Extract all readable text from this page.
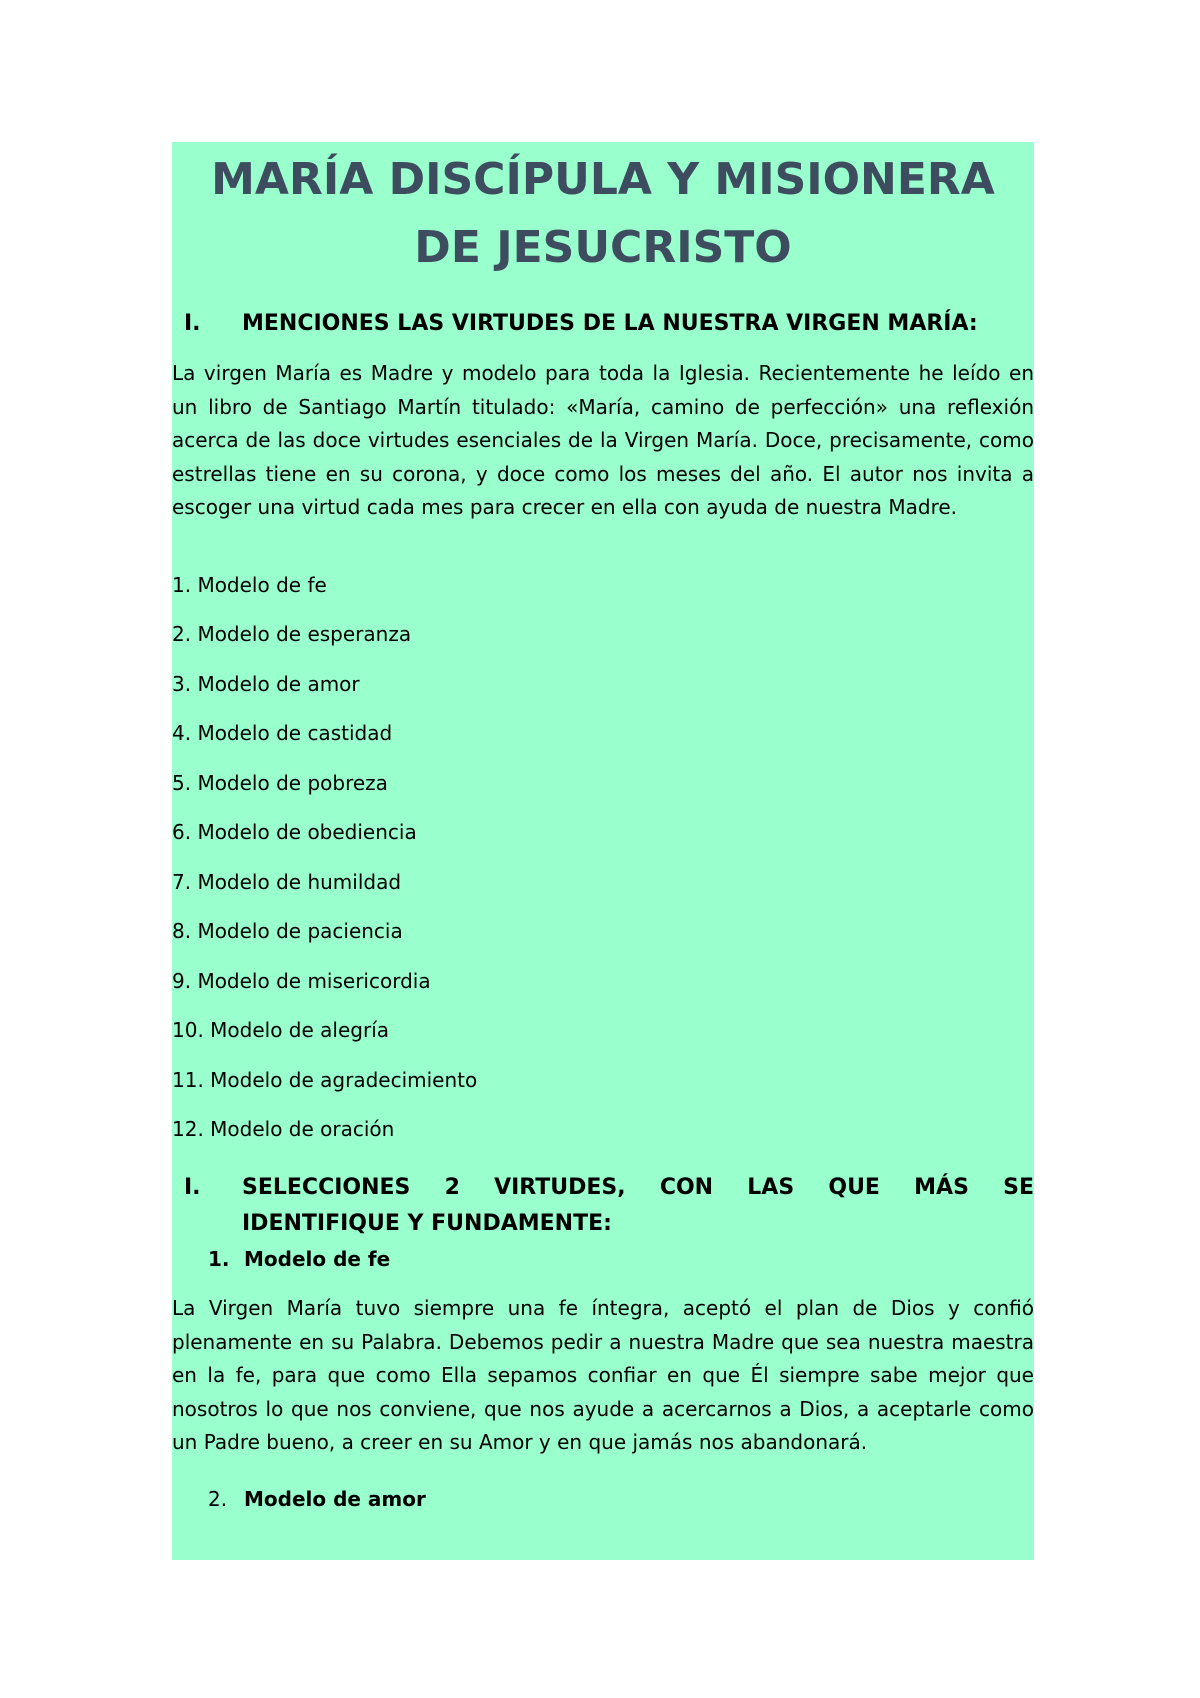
MARÍA DISCÍPULA Y MISIONERA
DE JESUCRISTO
I. MENCIONES LAS VIRTUDES DE LA NUESTRA VIRGEN MARÍA:

La virgen María es Madre y modelo para toda la Iglesia. Recientemente he leído en un libro de Santiago Martín titulado: «María, camino de perfección» una reflexión acerca de las doce virtudes esenciales de la Virgen María. Doce, precisamente, como estrellas tiene en su corona, y doce como los meses del año. El autor nos invita a escoger una virtud cada mes para crecer en ella con ayuda de nuestra Madre.

1. Modelo de fe
2. Modelo de esperanza
3. Modelo de amor
4. Modelo de castidad
5. Modelo de pobreza
6. Modelo de obediencia
7. Modelo de humildad
8. Modelo de paciencia
9. Modelo de misericordia
10. Modelo de alegría
11. Modelo de agradecimiento
12. Modelo de oración
I. SELECCIONES 2 VIRTUDES, CON LAS QUE MÁS SE
IDENTIFIQUE Y FUNDAMENTE:
1. Modelo de fe

La Virgen María tuvo siempre una fe íntegra, aceptó el plan de Dios y confió plenamente en su Palabra. Debemos pedir a nuestra Madre que sea nuestra maestra en la fe, para que como Ella sepamos confiar en que Él siempre sabe mejor que nosotros lo que nos conviene, que nos ayude a acercarnos a Dios, a aceptarle como un Padre bueno, a creer en su Amor y en que jamás nos abandonará.

2. Modelo de amor
